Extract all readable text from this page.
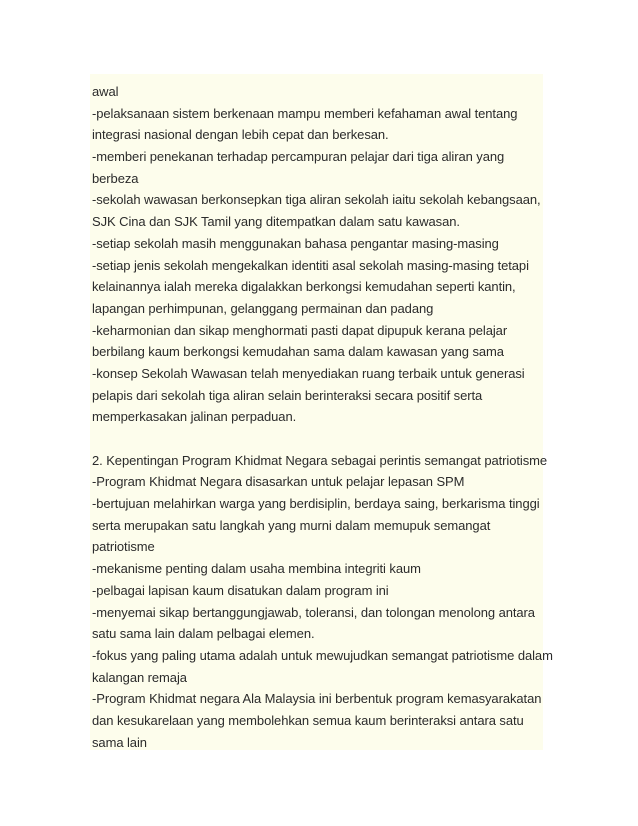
awal
-pelaksanaan sistem berkenaan mampu memberi kefahaman awal tentang
integrasi nasional dengan lebih cepat dan berkesan.
-memberi penekanan terhadap percampuran pelajar dari tiga aliran yang
berbeza
-sekolah wawasan berkonsepkan tiga aliran sekolah iaitu sekolah kebangsaan,
SJK Cina dan SJK Tamil yang ditempatkan dalam satu kawasan.
-setiap sekolah masih menggunakan bahasa pengantar masing-masing
-setiap jenis sekolah mengekalkan identiti asal sekolah masing-masing tetapi
kelainannya ialah mereka digalakkan berkongsi kemudahan seperti kantin,
lapangan perhimpunan, gelanggang permainan dan padang
-keharmonian dan sikap menghormati pasti dapat dipupuk kerana pelajar
berbilang kaum berkongsi kemudahan sama dalam kawasan yang sama
-konsep Sekolah Wawasan telah menyediakan ruang terbaik untuk generasi
pelapis dari sekolah tiga aliran selain berinteraksi secara positif serta
memperkasakan jalinan perpaduan.
2. Kepentingan Program Khidmat Negara sebagai perintis semangat patriotisme
-Program Khidmat Negara disasarkan untuk pelajar lepasan SPM
-bertujuan melahirkan warga yang berdisiplin, berdaya saing, berkarisma tinggi
serta merupakan satu langkah yang murni dalam memupuk semangat
patriotisme
-mekanisme penting dalam usaha membina integriti kaum
-pelbagai lapisan kaum disatukan dalam program ini
-menyemai sikap bertanggungjawab, toleransi, dan tolongan menolong antara
satu sama lain dalam pelbagai elemen.
-fokus yang paling utama adalah untuk mewujudkan semangat patriotisme dalam
kalangan remaja
-Program Khidmat negara Ala Malaysia ini berbentuk program kemasyarakatan
dan kesukarelaan yang membolehkan semua kaum berinteraksi antara satu
sama lain
